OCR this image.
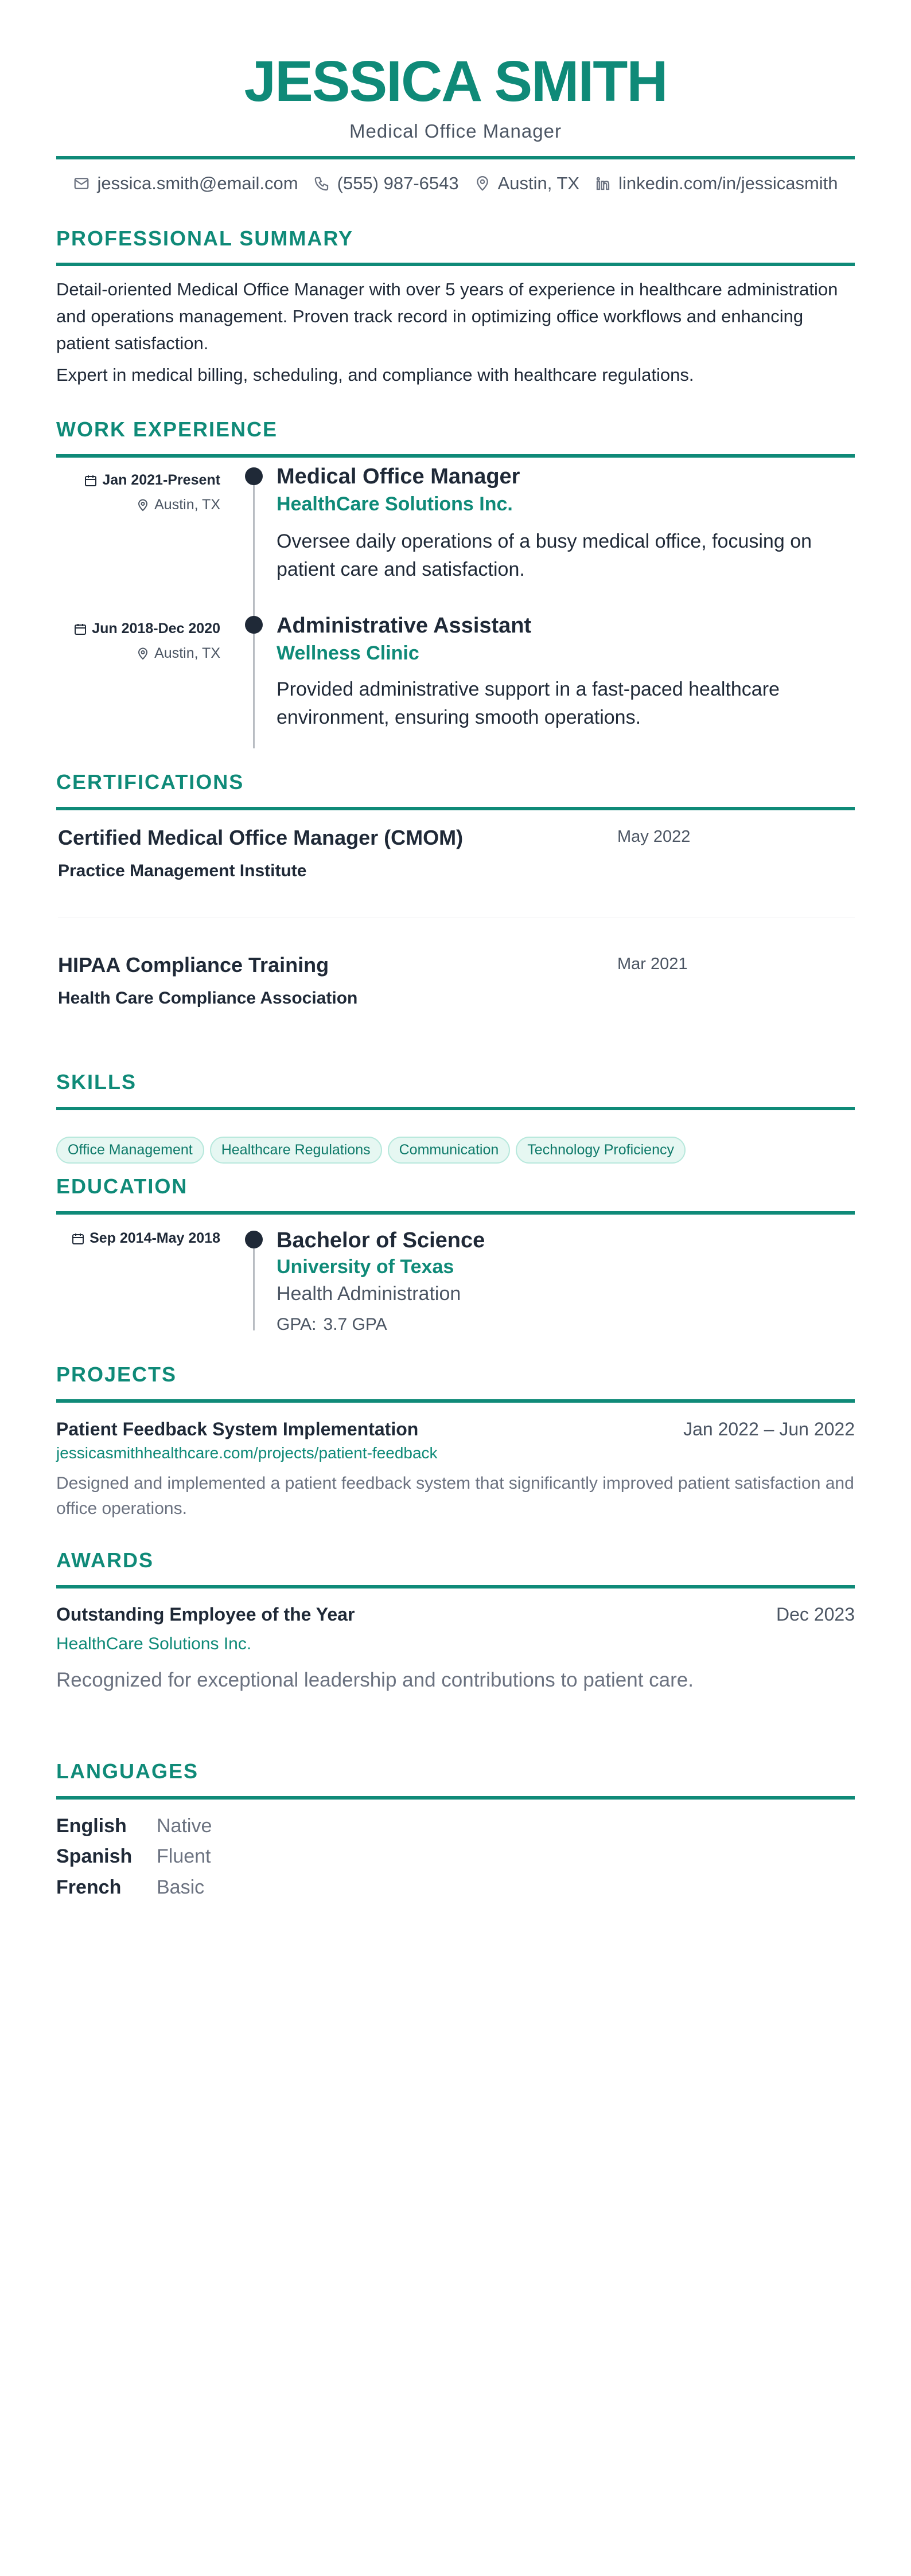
JESSICA SMITH
Medical Office Manager
jessica.smith@email.com (555) 987-6543 Austin, TX linkedin.com/in/jessicasmith
PROFESSIONAL SUMMARY
Detail-oriented Medical Office Manager with over 5 years of experience in healthcare administration and operations management. Proven track record in optimizing office workflows and enhancing patient satisfaction.
Expert in medical billing, scheduling, and compliance with healthcare regulations.
WORK EXPERIENCE
Jan 2021-Present
Austin, TX
Medical Office Manager
HealthCare Solutions Inc.
Oversee daily operations of a busy medical office, focusing on patient care and satisfaction.
Jun 2018-Dec 2020
Austin, TX
Administrative Assistant
Wellness Clinic
Provided administrative support in a fast-paced healthcare environment, ensuring smooth operations.
CERTIFICATIONS
Certified Medical Office Manager (CMOM)	May 2022
Practice Management Institute
HIPAA Compliance Training	Mar 2021
Health Care Compliance Association
SKILLS
Office Management	Healthcare Regulations	Communication	Technology Proficiency
EDUCATION
Sep 2014-May 2018	Bachelor of Science
University of Texas
Health Administration
GPA: 3.7 GPA
PROJECTS
Patient Feedback System Implementation	Jan 2022 – Jun 2022
jessicasmithhealthcare.com/projects/patient-feedback
Designed and implemented a patient feedback system that significantly improved patient satisfaction and office operations.
AWARDS
Outstanding Employee of the Year	Dec 2023
HealthCare Solutions Inc.
Recognized for exceptional leadership and contributions to patient care.
LANGUAGES
English Native
Spanish Fluent
French Basic
